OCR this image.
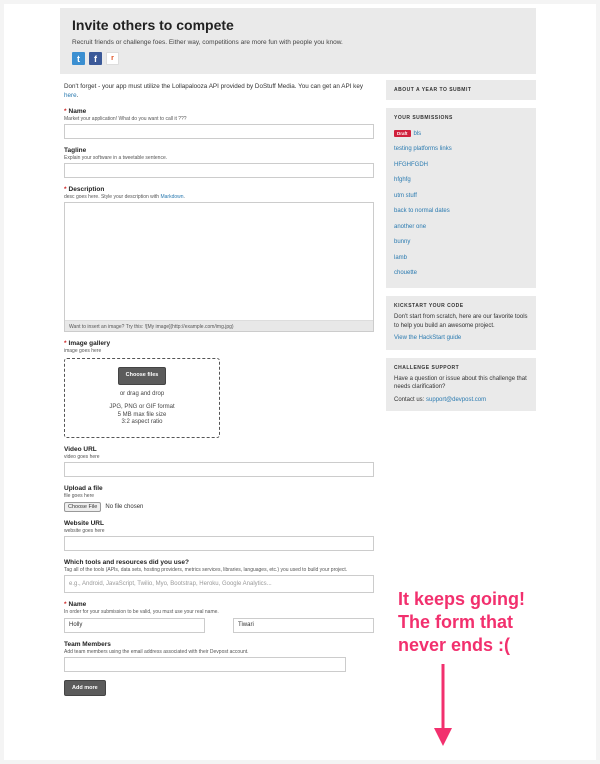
Invite others to compete

Recruit friends or challenge foes. Either way, competitions are more fun with people you know.

t	f	r

Don't forget - your app must utilize the Lollapalooza API provided by DoStuff Media. You can get an API key here.

* Name
Market your application! What do you want to call it ???
Tagline
Explain your software in a tweetable sentence.
* Description
desc goes here. Style your description with Markdown.
Want to insert an image? Try this: ![My image](http://example.com/img.jpg)
* Image gallery
image goes here
Choose files
or drag and drop
JPG, PNG or GIF format
5 MB max file size
3:2 aspect ratio
Video URL
video goes here
Upload a file
file goes here
Choose File	No file chosen
Website URL
website goes here
Which tools and resources did you use?
Tag all of the tools (APIs, data sets, hosting providers, metrics services, libraries, languages, etc.) you used to build your project.
e.g., Android, JavaScript, Twilio, Myo, Bootstrap, Heroku, Google Analytics...
* Name
In order for your submission to be valid, you must use your real name.
Holly	Tiwari
Team Members
Add team members using the email address associated with their Devpost account.
Add more
ABOUT A YEAR TO SUBMIT
YOUR SUBMISSIONS
Draft	bls
testing platforms links
HFGHFGDH
hfghfg
utm stuff
back to normal dates
another one
bunny
lamb
chouette
KICKSTART YOUR CODE

Don't start from scratch, here are our favorite tools to help you build an awesome project.

View the HackStart guide

CHALLENGE SUPPORT

Have a question or issue about this challenge that needs clarification?

Contact us: support@devpost.com

It keeps going!
The form that
never ends :(
